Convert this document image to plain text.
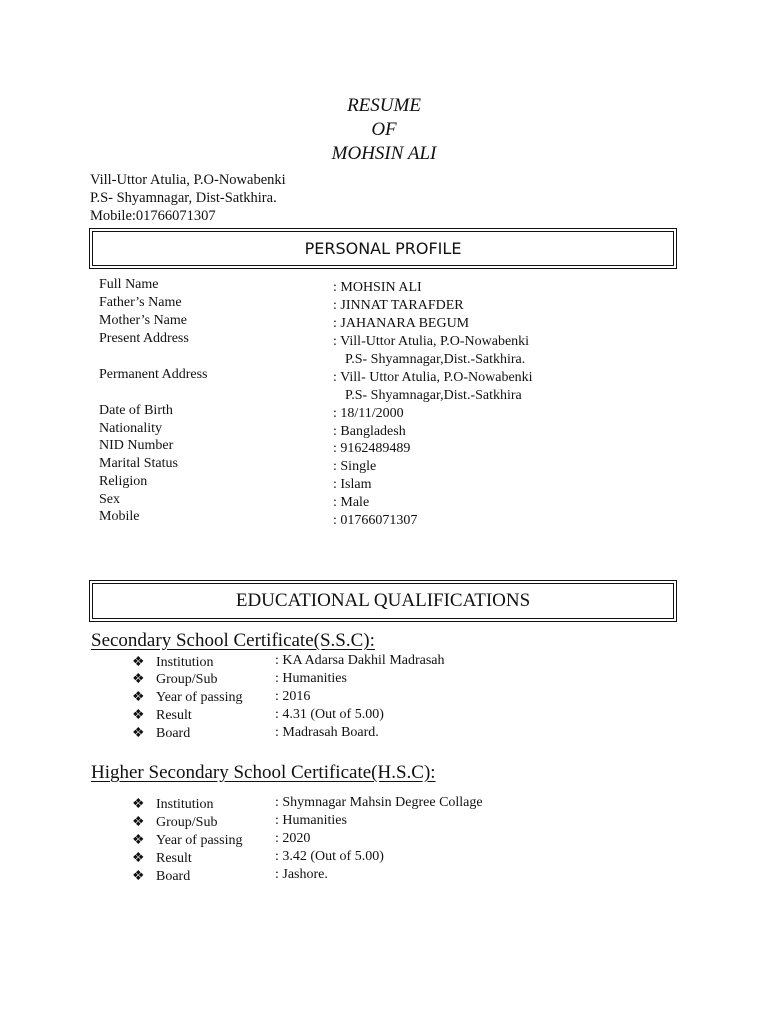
RESUME
OF
MOHSIN ALI
Vill-Uttor Atulia, P.O-Nowabenki
P.S- Shyamnagar, Dist-Satkhira.
Mobile:01766071307
PERSONAL PROFILE
Full Name	: MOHSIN ALI
Father’s Name	: JINNAT TARAFDER
Mother’s Name	: JAHANARA BEGUM
Present Address	: Vill-Uttor Atulia, P.O-Nowabenki
P.S- Shyamnagar,Dist.-Satkhira.
Permanent Address	: Vill- Uttor Atulia, P.O-Nowabenki
P.S- Shyamnagar,Dist.-Satkhira
Date of Birth	: 18/11/2000
Nationality	: Bangladesh
NID Number	: 9162489489
Marital Status	: Single
Religion	: Islam
Sex	: Male
Mobile	: 01766071307
EDUCATIONAL QUALIFICATIONS
Secondary School Certificate(S.S.C):
❖ Institution	: KA Adarsa Dakhil Madrasah
❖ Group/Sub	: Humanities
❖ Year of passing : 2016
❖ Result	: 4.31 (Out of 5.00)
❖ Board	: Madrasah Board.
Higher Secondary School Certificate(H.S.C):
❖ Institution	: Shymnagar Mahsin Degree Collage
❖ Group/Sub	: Humanities
❖ Year of passing : 2020
❖ Result	: 3.42 (Out of 5.00)
❖ Board	: Jashore.
